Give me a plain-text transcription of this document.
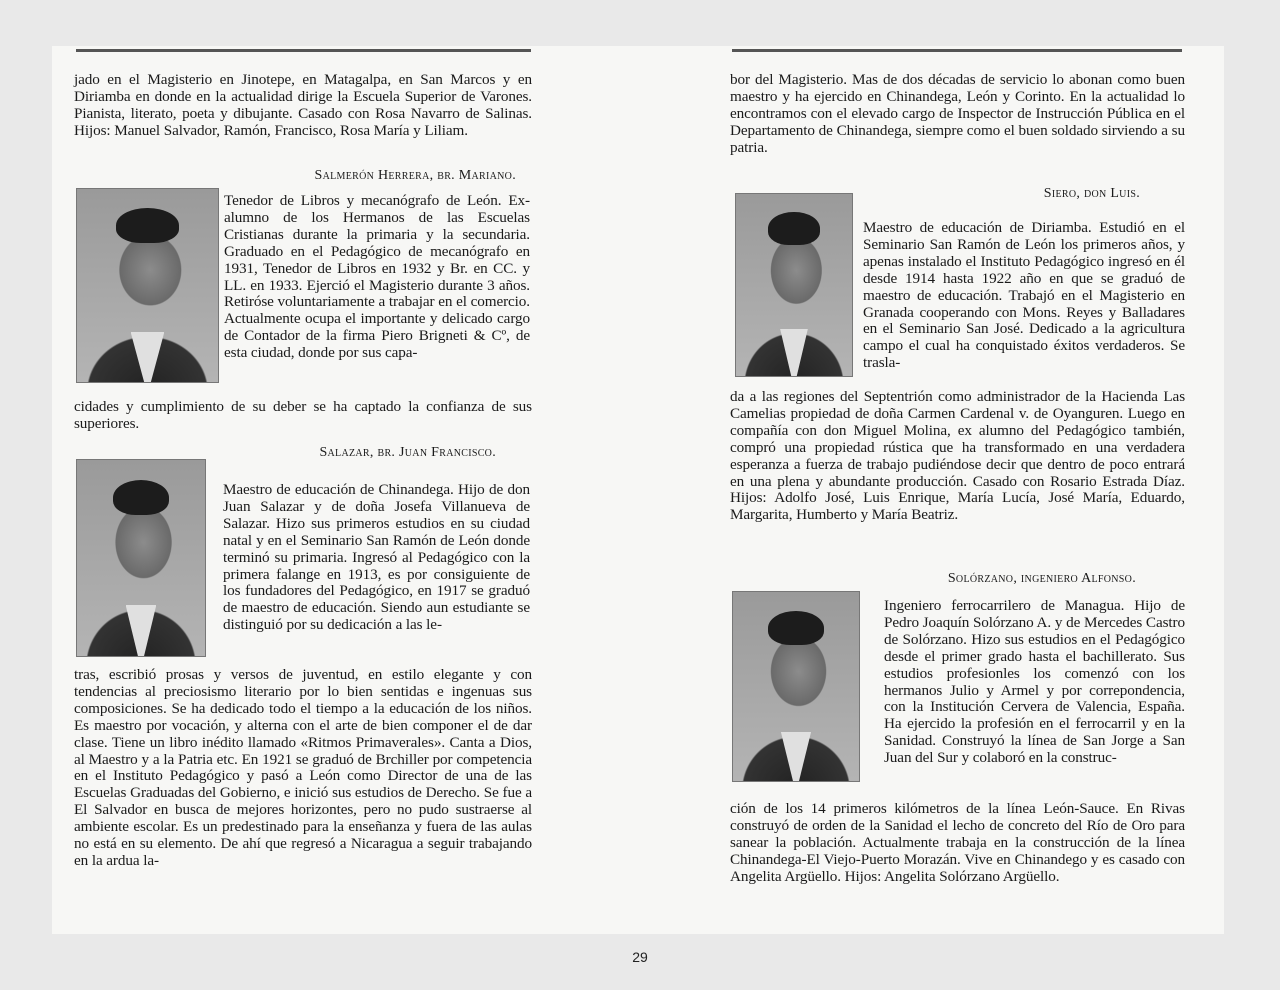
jado en el Magisterio en Jinotepe, en Matagalpa, en San Marcos y en Diriamba en donde en la actualidad dirige la Escuela Superior de Varones. Pianista, literato, poeta y dibujante. Casado con Rosa Navarro de Salinas. Hijos: Manuel Salvador, Ramón, Francisco, Rosa María y Liliam.

Salmerón Herrera, br. Mariano.

Tenedor de Libros y mecanógrafo de León. Ex-alumno de los Hermanos de las Escuelas Cristianas durante la primaria y la secundaria. Graduado en el Pedagógico de mecanógrafo en 1931, Tenedor de Libros en 1932 y Br. en CC. y LL. en 1933. Ejerció el Magisterio durante 3 años. Retiróse voluntariamente a trabajar en el comercio. Actualmente ocupa el importante y delicado cargo de Contador de la firma Piero Brigneti & Cº, de esta ciudad, donde por sus capa-

cidades y cumplimiento de su deber se ha captado la confianza de sus superiores.

Salazar, br. Juan Francisco.

Maestro de educación de Chinandega. Hijo de don Juan Salazar y de doña Josefa Villanueva de Salazar. Hizo sus primeros estudios en su ciudad natal y en el Seminario San Ramón de León donde terminó su primaria. Ingresó al Pedagógico con la primera falange en 1913, es por consiguiente de los fundadores del Pedagógico, en 1917 se graduó de maestro de educación. Siendo aun estudiante se distinguió por su dedicación a las le-

tras, escribió prosas y versos de juventud, en estilo elegante y con tendencias al preciosismo literario por lo bien sentidas e ingenuas sus composiciones. Se ha dedicado todo el tiempo a la educación de los niños. Es maestro por vocación, y alterna con el arte de bien componer el de dar clase. Tiene un libro inédito llamado «Ritmos Primaverales». Canta a Dios, al Maestro y a la Patria etc. En 1921 se graduó de Brchiller por competencia en el Instituto Pedagógico y pasó a León como Director de una de las Escuelas Graduadas del Gobierno, e inició sus estudios de Derecho. Se fue a El Salvador en busca de mejores horizontes, pero no pudo sustraerse al ambiente escolar. Es un predestinado para la enseñanza y fuera de las aulas no está en su elemento. De ahí que regresó a Nicaragua a seguir trabajando en la ardua la-

bor del Magisterio. Mas de dos décadas de servicio lo abonan como buen maestro y ha ejercido en Chinandega, León y Corinto. En la actualidad lo encontramos con el elevado cargo de Inspector de Instrucción Pública en el Departamento de Chinandega, siempre como el buen soldado sirviendo a su patria.

Siero, don Luis.

Maestro de educación de Diriamba. Estudió en el Seminario San Ramón de León los primeros años, y apenas instalado el Instituto Pedagógico ingresó en él desde 1914 hasta 1922 año en que se graduó de maestro de educación. Trabajó en el Magisterio en Granada cooperando con Mons. Reyes y Balladares en el Seminario San José. Dedicado a la agricultura campo el cual ha conquistado éxitos verdaderos. Se trasla-

da a las regiones del Septentrión como administrador de la Hacienda Las Camelias propiedad de doña Carmen Cardenal v. de Oyanguren. Luego en compañía con don Miguel Molina, ex alumno del Pedagógico también, compró una propiedad rústica que ha transformado en una verdadera esperanza a fuerza de trabajo pudiéndose decir que dentro de poco entrará en una plena y abundante producción. Casado con Rosario Estrada Díaz. Hijos: Adolfo José, Luis Enrique, María Lucía, José María, Eduardo, Margarita, Humberto y María Beatriz.

Solórzano, ingeniero Alfonso.

Ingeniero ferrocarrilero de Managua. Hijo de Pedro Joaquín Solórzano A. y de Mercedes Castro de Solórzano. Hizo sus estudios en el Pedagógico desde el primer grado hasta el bachillerato. Sus estudios profesionles los comenzó con los hermanos Julio y Armel y por correpondencia, con la Institución Cervera de Valencia, España. Ha ejercido la profesión en el ferrocarril y en la Sanidad. Construyó la línea de San Jorge a San Juan del Sur y colaboró en la construc-

ción de los 14 primeros kilómetros de la línea León-Sauce. En Rivas construyó de orden de la Sanidad el lecho de concreto del Río de Oro para sanear la población. Actualmente trabaja en la construcción de la línea Chinandega-El Viejo-Puerto Morazán. Vive en Chinandego y es casado con Angelita Argüello. Hijos: Angelita Solórzano Argüello.

29
